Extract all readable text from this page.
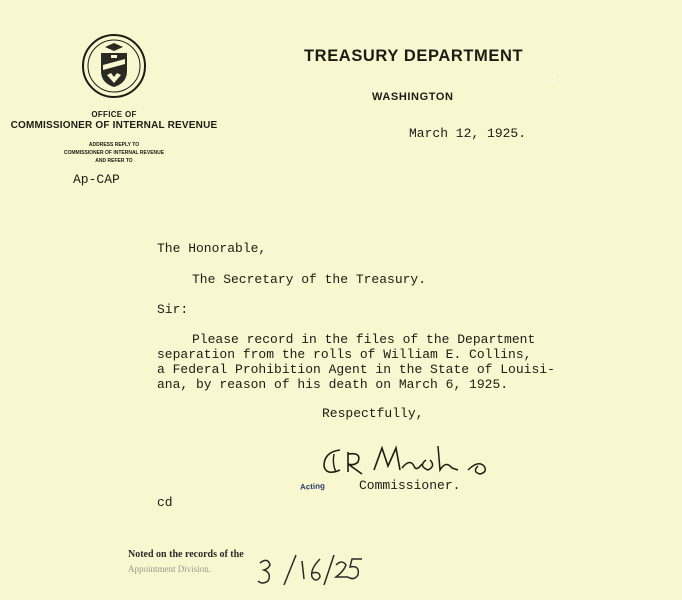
OFFICE OF
COMMISSIONER OF INTERNAL REVENUE
ADDRESS REPLY TO
COMMISSIONER OF INTERNAL REVENUE
AND REFER TO
Ap-CAP
TREASURY DEPARTMENT
WASHINGTON
March 12, 1925.
The Honorable,
The Secretary of the Treasury.
Sir:
Please record in the files of the Department
separation from the rolls of William E. Collins,
a Federal Prohibition Agent in the State of Louisi-
ana, by reason of his death on March 6, 1925.
Respectfully,
Acting	Commissioner.
cd
Noted on the records of the
Appointment Division.
